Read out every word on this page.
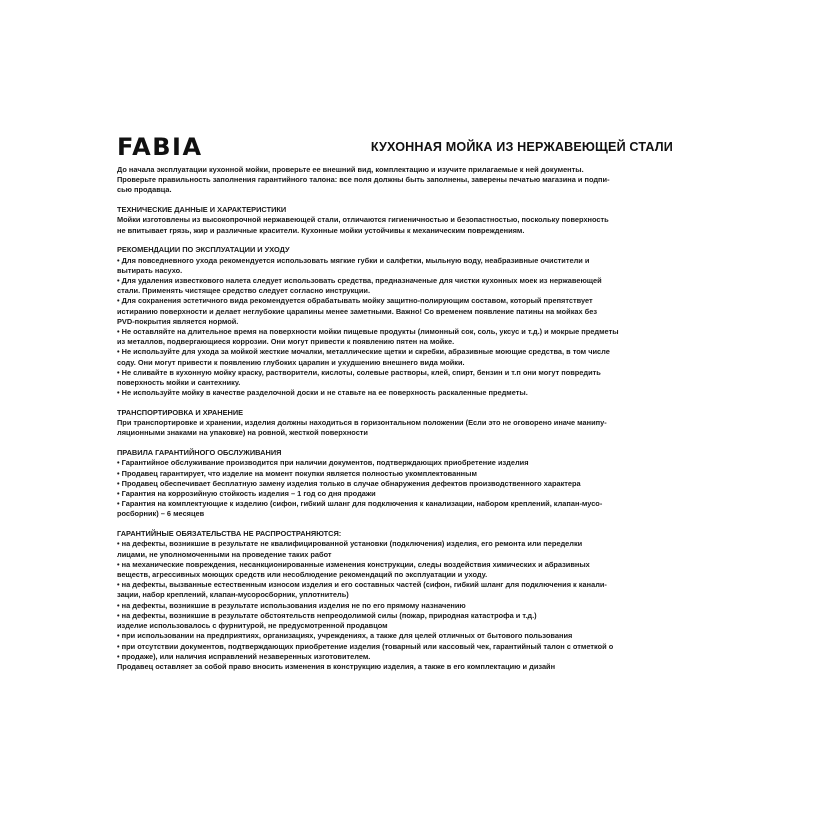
FABIA	КУХОННАЯ МОЙКА ИЗ НЕРЖАВЕЮЩЕЙ СТАЛИ

До начала эксплуатации кухонной мойки, проверьте ее внешний вид, комплектацию и изучите прилагаемые к ней документы.

Проверьте правильность заполнения гарантийного талона: все поля должны быть заполнены, заверены печатью магазина и подпи-

сью продавца.

ТЕХНИЧЕСКИЕ ДАННЫЕ И ХАРАКТЕРИСТИКИ

Мойки изготовлены из высокопрочной нержавеющей стали, отличаются гигиеничностью и безопастностью, поскольку поверхность

не впитывает грязь, жир и различные красители. Кухонные мойки устойчивы к механическим повреждениям.

РЕКОМЕНДАЦИИ ПО ЭКСПЛУАТАЦИИ И УХОДУ

• Для повседневного ухода рекомендуется использовать мягкие губки и салфетки, мыльную воду, неабразивные очистители и

вытирать насухо.

• Для удаления известкового налета следует использовать средства, предназначеные для чистки кухонных моек из нержавеющей

стали. Применять чистящее средство следует согласно инструкции.

• Для сохранения эстетичного вида рекомендуется обрабатывать мойку защитно-полирующим составом, который препятствует

истиранию поверхности и делает неглубокие царапины менее заметными. Важно! Со временем появление патины на мойках без

PVD-покрытия является нормой.

• Не оставляйте на длительное время на поверхности мойки пищевые продукты (лимонный сок, соль, уксус и т.д.) и мокрые предметы

из металлов, подвергающиеся коррозии. Они могут привести к появлению пятен на мойке.

• Не используйте для ухода за мойкой жесткие мочалки, металлические щетки и скребки, абразивные моющие средства, в том числе

соду. Они могут привести к появлению глубоких царапин и ухудшению внешнего вида мойки.

• Не сливайте в кухонную мойку краску, растворители, кислоты, солевые растворы, клей, спирт, бензин и т.п они могут повредить

поверхность мойки и сантехнику.

• Не используйте мойку в качестве разделочной доски и не ставьте на ее поверхность раскаленные предметы.

ТРАНСПОРТИРОВКА И ХРАНЕНИЕ

При транспортировке и хранении, изделия должны находиться в горизонтальном положении (Если это не оговорено иначе манипу-

ляционными знаками на упаковке) на ровной, жесткой поверхности

ПРАВИЛА ГАРАНТИЙНОГО ОБСЛУЖИВАНИЯ

• Гарантийное обслуживание производится при наличии документов, подтверждающих приобретение изделия

• Продавец гарантирует, что изделие на момент покупки является полностью укомплектованным

• Продавец обеспечивает бесплатную замену изделия только в случае обнаружения дефектов производственного характера

• Гарантия на коррозийную стойкость изделия – 1 год со дня продажи

• Гарантия на комплектующие к изделию (сифон, гибкий шланг для подключения к канализации, набором креплений, клапан-мусо-

росборник) – 6 месяцев

ГАРАНТИЙНЫЕ ОБЯЗАТЕЛЬСТВА НЕ РАСПРОСТРАНЯЮТСЯ:

• на дефекты, возникшие в результате не квалифицированной установки (подключения) изделия, его ремонта или переделки

лицами, не уполномоченными на проведение таких работ

• на механические повреждения, несанкционированные изменения конструкции, следы воздействия химических и абразивных

веществ, агрессивных моющих средств или несоблюдение рекомендаций по эксплуатации и уходу.

• на дефекты, вызванные естественным износом изделия и его составных частей (сифон, гибкий шланг для подключения к канали-

зации, набор креплений, клапан-мусоросборник, уплотнитель)

• на дефекты, возникшие в результате использования изделия не по его прямому назначению

• на дефекты, возникшие в результате обстоятельств непреодолимой силы (пожар, природная катастрофа и т.д.)

изделие использовалось с фурнитурой, не предусмотренной продавцом

• при использовании на предприятиях, организациях, учреждениях, а также для целей отличных от бытового пользования

• при отсутствии документов, подтверждающих приобретение изделия (товарный или кассовый чек, гарантийный талон с отметкой о

• продаже), или наличия исправлений незаверенных изготовителем.

Продавец оставляет за собой право вносить изменения в конструкцию изделия, а также в его комплектацию и дизайн
